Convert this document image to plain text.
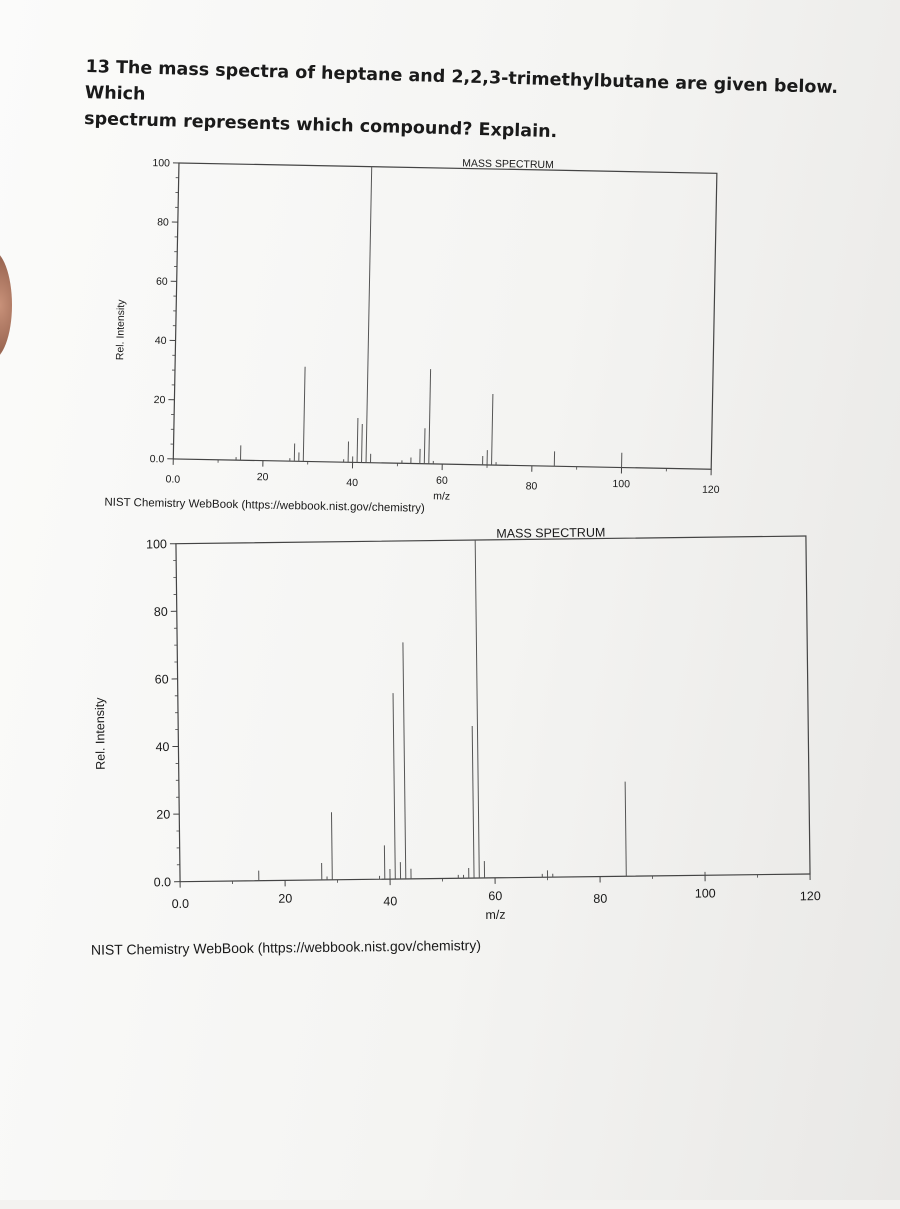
13 The mass spectra of heptane and 2,2,3-trimethylbutane are given below. Which
spectrum represents which compound? Explain.

MASS SPECTRUM
0.0
20
40
60
80
100
0.0	20	40	60	80	100	120
m/z
Rel. Intensity
NIST Chemistry WebBook (https://webbook.nist.gov/chemistry)
MASS SPECTRUM
0.0
20
40
60
80
100
0.0	20	40	60	80	100	120
m/z
Rel. Intensity
NIST Chemistry WebBook (https://webbook.nist.gov/chemistry)
